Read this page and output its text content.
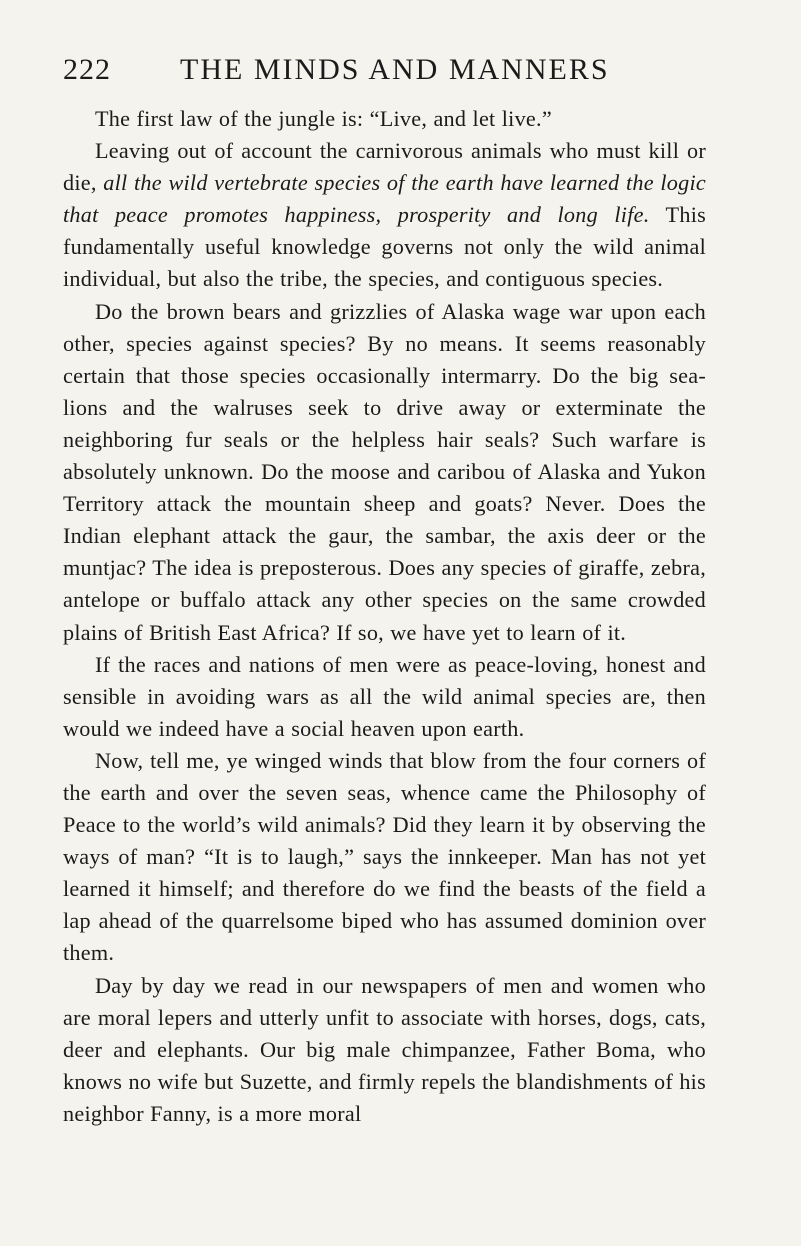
222 THE MINDS AND MANNERS

The first law of the jungle is: “Live, and let live.”

Leaving out of account the carnivorous animals who must kill or die, all the wild vertebrate species of the earth have learned the logic that peace promotes happiness, prosperity and long life. This fundamentally useful knowledge governs not only the wild animal individual, but also the tribe, the species, and contiguous species.

Do the brown bears and grizzlies of Alaska wage war upon each other, species against species? By no means. It seems reasonably certain that those species occasionally intermarry. Do the big sea-lions and the walruses seek to drive away or exterminate the neighboring fur seals or the helpless hair seals? Such warfare is absolutely unknown. Do the moose and caribou of Alaska and Yukon Territory attack the mountain sheep and goats? Never. Does the Indian elephant attack the gaur, the sambar, the axis deer or the muntjac? The idea is preposterous. Does any species of giraffe, zebra, antelope or buffalo attack any other species on the same crowded plains of British East Africa? If so, we have yet to learn of it.

If the races and nations of men were as peace-loving, honest and sensible in avoiding wars as all the wild animal species are, then would we indeed have a social heaven upon earth.

Now, tell me, ye winged winds that blow from the four corners of the earth and over the seven seas, whence came the Philosophy of Peace to the world’s wild animals? Did they learn it by observing the ways of man? “It is to laugh,” says the innkeeper. Man has not yet learned it himself; and therefore do we find the beasts of the field a lap ahead of the quarrelsome biped who has assumed dominion over them.

Day by day we read in our newspapers of men and women who are moral lepers and utterly unfit to associate with horses, dogs, cats, deer and elephants. Our big male chimpanzee, Father Boma, who knows no wife but Suzette, and firmly repels the blandishments of his neighbor Fanny, is a more moral
